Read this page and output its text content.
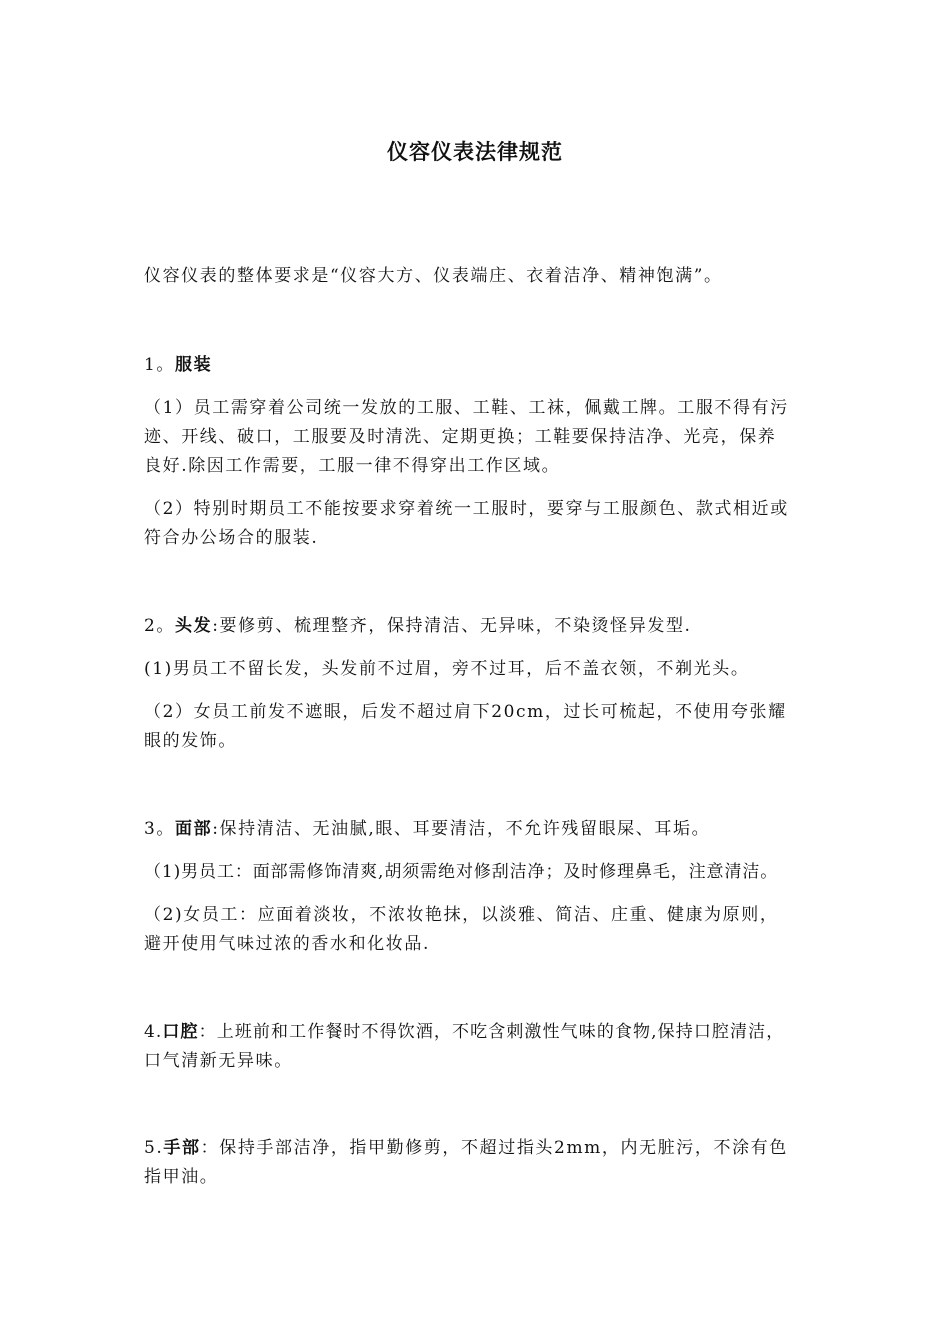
仪容仪表法律规范
仪容仪表的整体要求是“仪容大方、仪表端庄、衣着洁净、精神饱满”。
1。服装
（1）员工需穿着公司统一发放的工服、工鞋、工袜，佩戴工牌。工服不得有污
迹、开线、破口，工服要及时清洗、定期更换；工鞋要保持洁净、光亮，保养
良好.除因工作需要，工服一律不得穿出工作区域。
（2）特别时期员工不能按要求穿着统一工服时，要穿与工服颜色、款式相近或
符合办公场合的服装.
2。头发:要修剪、梳理整齐，保持清洁、无异味，不染烫怪异发型.
(1)男员工不留长发，头发前不过眉，旁不过耳，后不盖衣领，不剃光头。
（2）女员工前发不遮眼，后发不超过肩下20cm，过长可梳起，不使用夸张耀
眼的发饰。
3。面部:保持清洁、无油腻,眼、耳要清洁，不允许残留眼屎、耳垢。
（1)男员工：面部需修饰清爽,胡须需绝对修刮洁净；及时修理鼻毛，注意清洁。
（2)女员工：应面着淡妆，不浓妆艳抹，以淡雅、简洁、庄重、健康为原则，
避开使用气味过浓的香水和化妆品.
4.口腔：上班前和工作餐时不得饮酒，不吃含刺激性气味的食物,保持口腔清洁，
口气清新无异味。
5.手部：保持手部洁净，指甲勤修剪，不超过指头2mm，内无脏污，不涂有色
指甲油。
